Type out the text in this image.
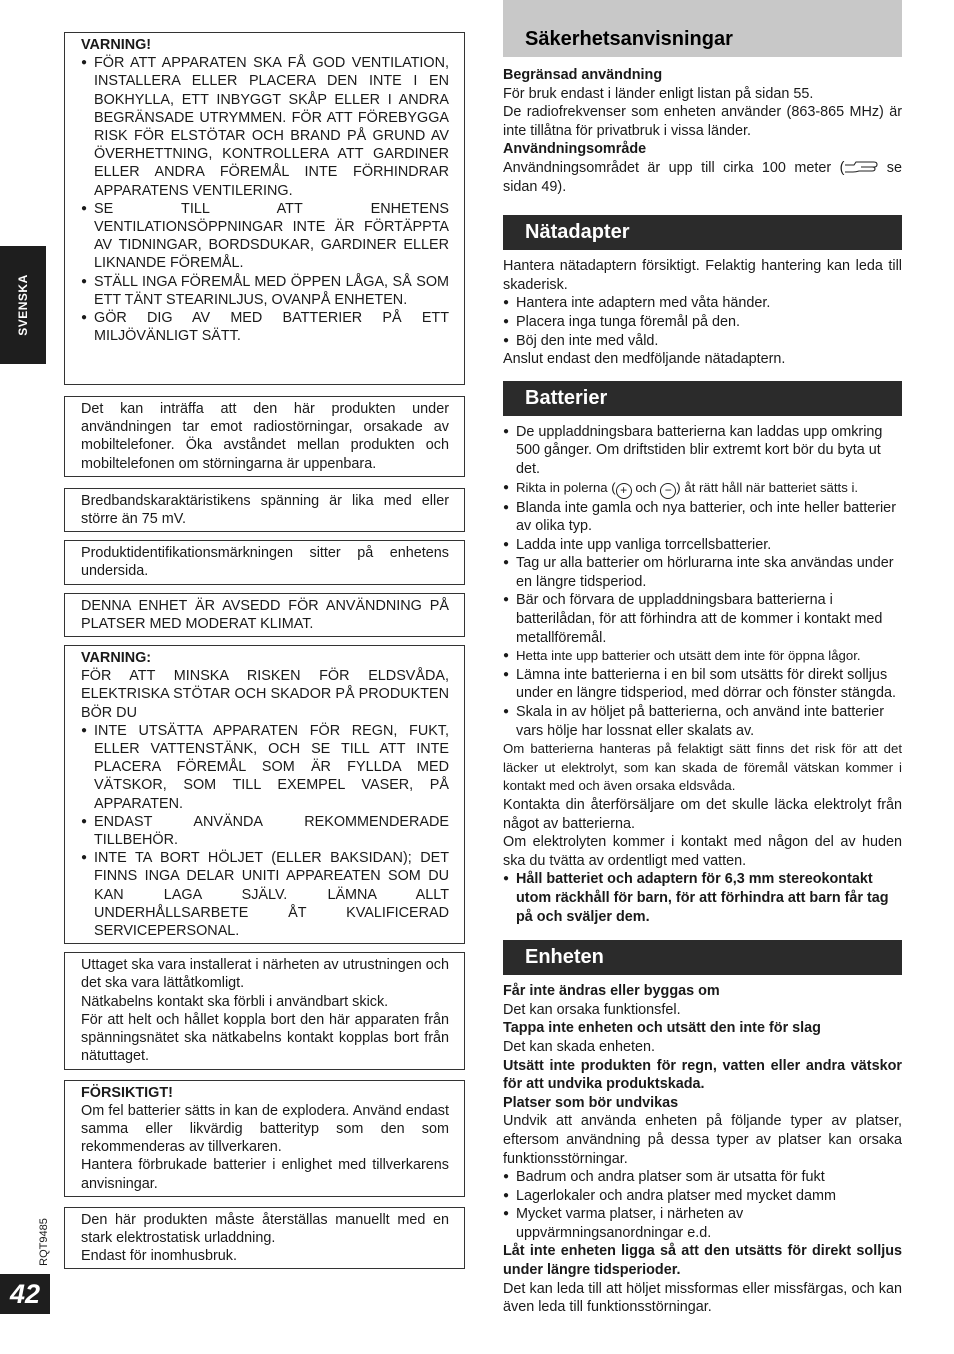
SVENSKA
RQT9485
42
VARNING!
● FÖR ATT APPARATEN SKA FÅ GOD VENTILATION, INSTALLERA ELLER PLACERA DEN INTE I EN BOKHYLLA, ETT INBYGGT SKÅP ELLER I ANDRA BEGRÄNSADE UTRYMMEN. FÖR ATT FÖREBYGGA RISK FÖR ELSTÖTAR OCH BRAND PÅ GRUND AV ÖVERHETTNING, KONTROLLERA ATT GARDINER ELLER ANDRA FÖREMÅL INTE FÖRHINDRAR APPARATENS VENTILERING.
● SE TILL ATT ENHETENS VENTILATIONSÖPPNINGAR INTE ÄR FÖRTÄPPTA AV TIDNINGAR, BORDSDUKAR, GARDINER ELLER LIKNANDE FÖREMÅL.
● STÄLL INGA FÖREMÅL MED ÖPPEN LÅGA, SÅ SOM ETT TÄNT STEARINLJUS, OVANPÅ ENHETEN.
● GÖR DIG AV MED BATTERIER PÅ ETT MILJÖVÄNLIGT SÄTT.
Det kan inträffa att den här produkten under användningen tar emot radiostörningar, orsakade av mobiltelefoner. Öka avståndet mellan produkten och mobiltelefonen om störningarna är uppenbara.
Bredbandskaraktäristikens spänning är lika med eller större än 75 mV.
Produktidentifikationsmärkningen sitter på enhetens undersida.
DENNA ENHET ÄR AVSEDD FÖR ANVÄNDNING PÅ PLATSER MED MODERAT KLIMAT.
VARNING:
FÖR ATT MINSKA RISKEN FÖR ELDSVÅDA, ELEKTRISKA STÖTAR OCH SKADOR PÅ PRODUKTEN BÖR DU
● INTE UTSÄTTA APPARATEN FÖR REGN, FUKT, ELLER VATTENSTÄNK, OCH SE TILL ATT INTE PLACERA FÖREMÅL SOM ÄR FYLLDA MED VÄTSKOR, SOM TILL EXEMPEL VASER, PÅ APPARATEN.
● ENDAST ANVÄNDA REKOMMENDERADE TILLBEHÖR.
● INTE TA BORT HÖLJET (ELLER BAKSIDAN); DET FINNS INGA DELAR UNITI APPAREATEN SOM DU KAN LAGA SJÄLV. LÄMNA ALLT UNDERHÅLLSARBETE ÅT KVALIFICERAD SERVICEPERSONAL.
Uttaget ska vara installerat i närheten av utrustningen och det ska vara lättåtkomligt.
Nätkabelns kontakt ska förbli i användbart skick.
För att helt och hållet koppla bort den här apparaten från spänningsnätet ska nätkabelns kontakt kopplas bort från nätuttaget.
FÖRSIKTIGT!
Om fel batterier sätts in kan de explodera. Använd endast samma eller likvärdig batterityp som den som rekommenderas av tillverkaren.
Hantera förbrukade batterier i enlighet med tillverkarens anvisningar.
Den här produkten måste återställas manuellt med en stark elektrostatisk urladdning.
Endast för inomhusbruk.
Säkerhetsanvisningar

Begränsad användning

För bruk endast i länder enligt listan på sidan 55.

De radiofrekvenser som enheten använder (863-865 MHz) är inte tillåtna för privatbruk i vissa länder.

Användningsområde

Användningsområdet är upp till cirka 100 meter ( se sidan 49).

Nätadapter

Hantera nätadaptern försiktigt. Felaktig hantering kan leda till skaderisk.

● Hantera inte adaptern med våta händer.
● Placera inga tunga föremål på den.
● Böj den inte med våld.

Anslut endast den medföljande nätadaptern.

Batterier
● De uppladdningsbara batterierna kan laddas upp omkring 500 gånger. Om driftstiden blir extremt kort bör du byta ut det.
● Rikta in polerna ( + och − ) åt rätt håll när batteriet sätts i.
● Blanda inte gamla och nya batterier, och inte heller batterier av olika typ.
● Ladda inte upp vanliga torrcellsbatterier.
● Tag ur alla batterier om hörlurarna inte ska användas under en längre tidsperiod.
● Bär och förvara de uppladdningsbara batterierna i batterilådan, för att förhindra att de kommer i kontakt med metallföremål.
● Hetta inte upp batterier och utsätt dem inte för öppna lågor.
● Lämna inte batterierna i en bil som utsätts för direkt solljus under en längre tidsperiod, med dörrar och fönster stängda.
● Skala in av höljet på batterierna, och använd inte batterier vars hölje har lossnat eller skalats av.

Om batterierna hanteras på felaktigt sätt finns det risk för att det läcker ut elektrolyt, som kan skada de föremål vätskan kommer i kontakt med och även orsaka eldsvåda.

Kontakta din återförsäljare om det skulle läcka elektrolyt från något av batterierna.

Om elektrolyten kommer i kontakt med någon del av huden ska du tvätta av ordentligt med vatten.

● Håll batteriet och adaptern för 6,3 mm stereokontakt utom räckhåll för barn, för att förhindra att barn får tag på och sväljer dem.
Enheten

Får inte ändras eller byggas om

Det kan orsaka funktionsfel.

Tappa inte enheten och utsätt den inte för slag

Det kan skada enheten.

Utsätt inte produkten för regn, vatten eller andra vätskor för att undvika produktskada.

Platser som bör undvikas

Undvik att använda enheten på följande typer av platser, eftersom användning på dessa typer av platser kan orsaka funktionsstörningar.

● Badrum och andra platser som är utsatta för fukt
● Lagerlokaler och andra platser med mycket damm
● Mycket varma platser, i närheten av uppvärmningsanordningar e.d.

Låt inte enheten ligga så att den utsätts för direkt solljus under längre tidsperioder.

Det kan leda till att höljet missformas eller missfärgas, och kan även leda till funktionsstörningar.
